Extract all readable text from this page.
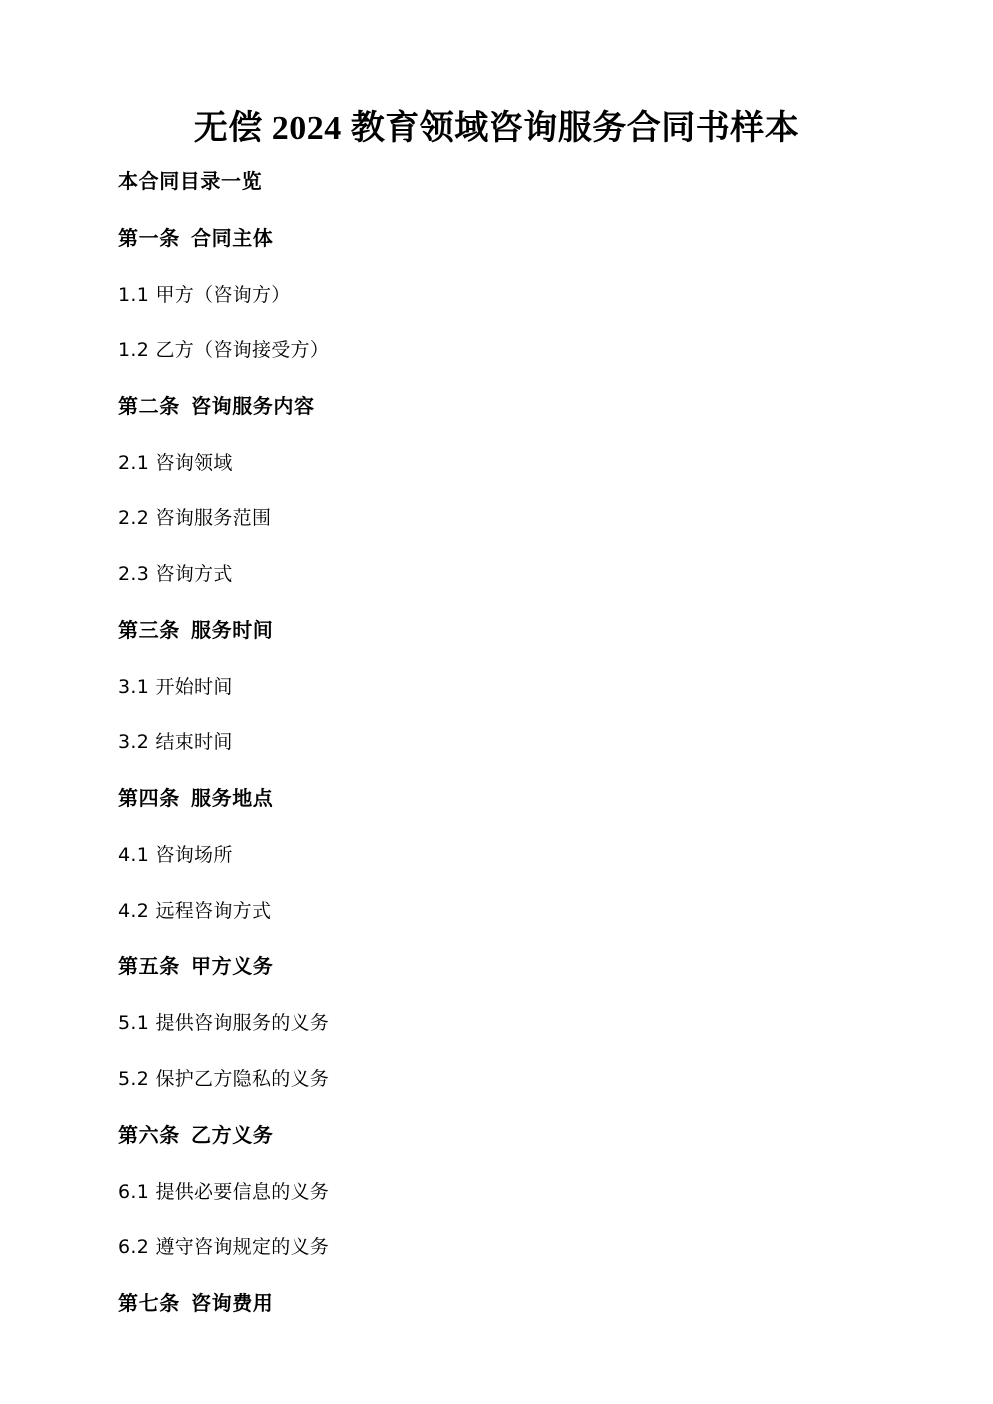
无偿 2024 教育领域咨询服务合同书样本

本合同目录一览

第一条  合同主体

1.1 甲方（咨询方）

1.2 乙方（咨询接受方）

第二条  咨询服务内容

2.1 咨询领域

2.2 咨询服务范围

2.3 咨询方式

第三条  服务时间

3.1 开始时间

3.2 结束时间

第四条  服务地点

4.1 咨询场所

4.2 远程咨询方式

第五条  甲方义务

5.1 提供咨询服务的义务

5.2 保护乙方隐私的义务

第六条  乙方义务

6.1 提供必要信息的义务

6.2 遵守咨询规定的义务

第七条  咨询费用
